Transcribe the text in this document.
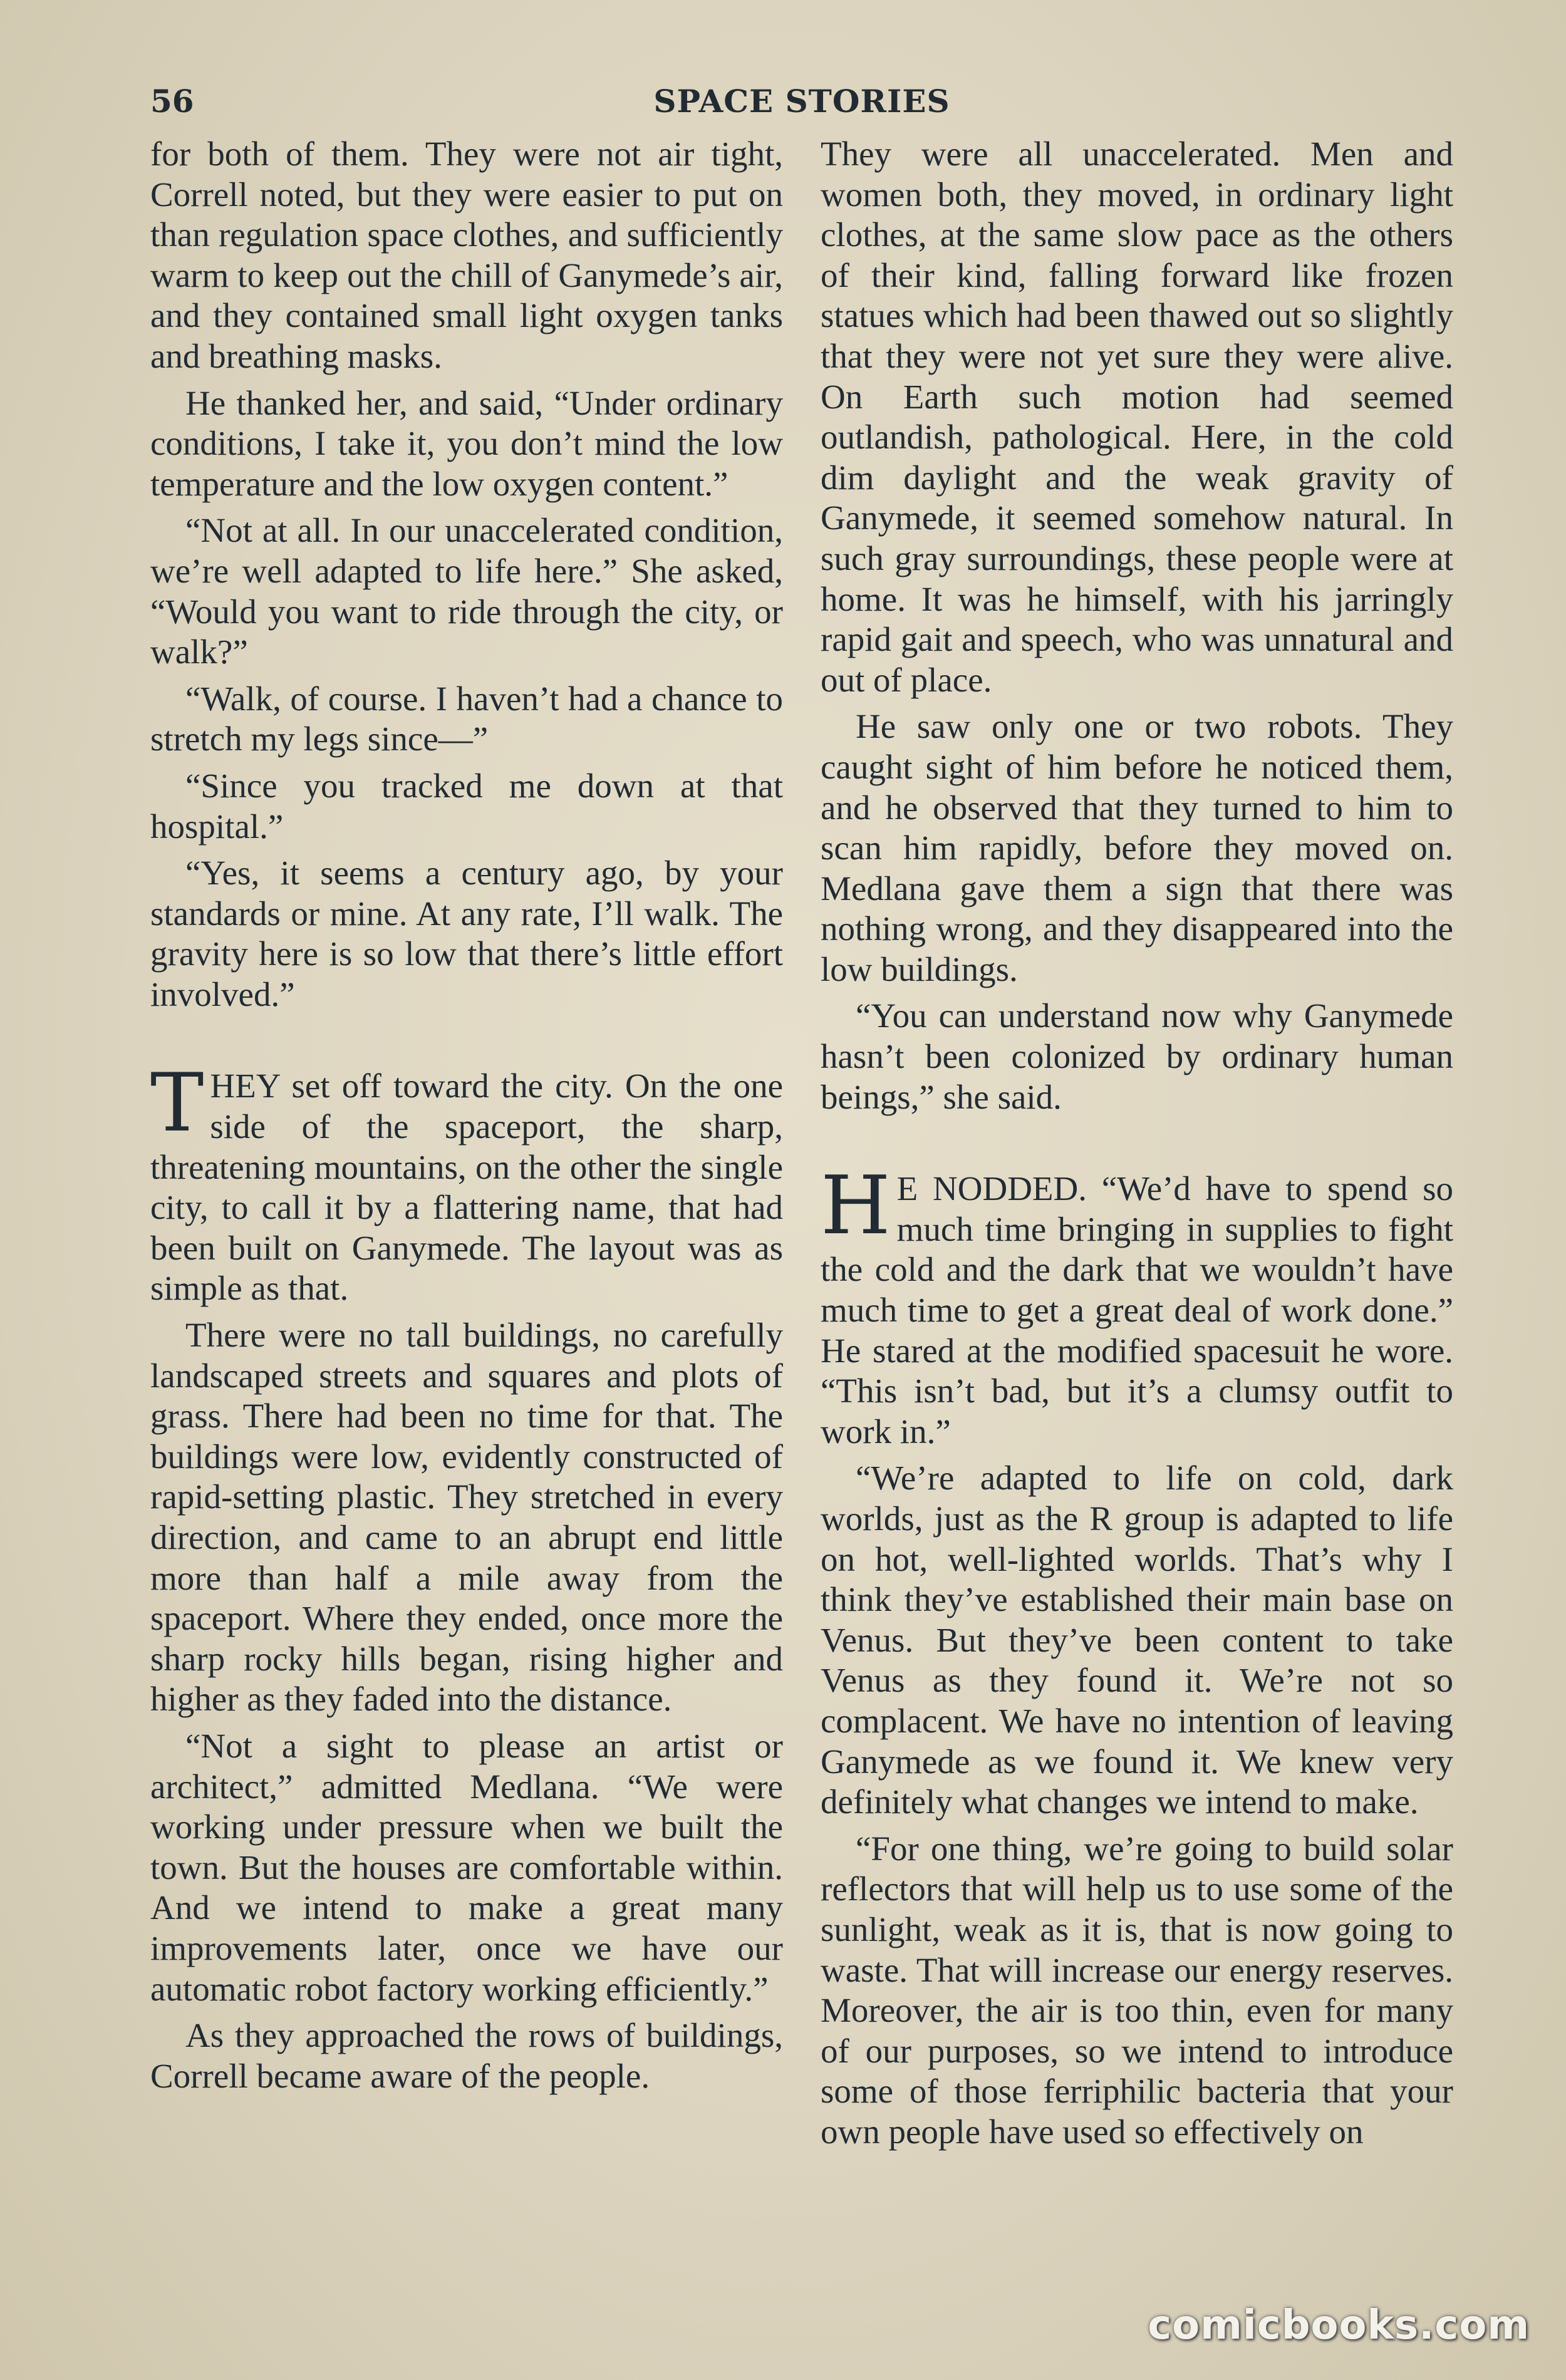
56	SPACE STORIES

for both of them. They were not air tight, Correll noted, but they were easier to put on than regulation space clothes, and sufficiently warm to keep out the chill of Ganymede’s air, and they contained small light oxygen tanks and breathing masks.

He thanked her, and said, “Under ordinary conditions, I take it, you don’t mind the low temperature and the low oxygen content.”

“Not at all. In our unaccelerated condition, we’re well adapted to life here.” She asked, “Would you want to ride through the city, or walk?”

“Walk, of course. I haven’t had a chance to stretch my legs since—”

“Since you tracked me down at that hospital.”

“Yes, it seems a century ago, by your standards or mine. At any rate, I’ll walk. The gravity here is so low that there’s little effort involved.”

THEY set off toward the city. On the one side of the spaceport, the sharp, threatening mountains, on the other the single city, to call it by a flattering name, that had been built on Ganymede. The layout was as simple as that.

There were no tall buildings, no carefully landscaped streets and squares and plots of grass. There had been no time for that. The buildings were low, evidently constructed of rapid-setting plastic. They stretched in every direction, and came to an abrupt end little more than half a mile away from the spaceport. Where they ended, once more the sharp rocky hills began, rising higher and higher as they faded into the distance.

“Not a sight to please an artist or architect,” admitted Medlana. “We were working under pressure when we built the town. But the houses are comfortable within. And we intend to make a great many improvements later, once we have our automatic robot factory working efficiently.”

As they approached the rows of buildings, Correll became aware of the people.

They were all unaccelerated. Men and women both, they moved, in ordinary light clothes, at the same slow pace as the others of their kind, falling forward like frozen statues which had been thawed out so slightly that they were not yet sure they were alive. On Earth such motion had seemed outlandish, pathological. Here, in the cold dim daylight and the weak gravity of Ganymede, it seemed somehow natural. In such gray surroundings, these people were at home. It was he himself, with his jarringly rapid gait and speech, who was unnatural and out of place.

He saw only one or two robots. They caught sight of him before he noticed them, and he observed that they turned to him to scan him rapidly, before they moved on. Medlana gave them a sign that there was nothing wrong, and they disappeared into the low buildings.

“You can understand now why Ganymede hasn’t been colonized by ordinary human beings,” she said.

H E NODDED. “We’d have to spend so much time bringing in supplies to fight the cold and the dark that we wouldn’t have much time to get a great deal of work done.” He stared at the modified spacesuit he wore. “This isn’t bad, but it’s a clumsy outfit to work in.”

“We’re adapted to life on cold, dark worlds, just as the R group is adapted to life on hot, well-lighted worlds. That’s why I think they’ve established their main base on Venus. But they’ve been content to take Venus as they found it. We’re not so complacent. We have no intention of leaving Ganymede as we found it. We knew very definitely what changes we intend to make.

“For one thing, we’re going to build solar reflectors that will help us to use some of the sunlight, weak as it is, that is now going to waste. That will increase our energy reserves. Moreover, the air is too thin, even for many of our purposes, so we intend to introduce some of those ferriphilic bacteria that your own people have used so effectively on

comicbooks.com
